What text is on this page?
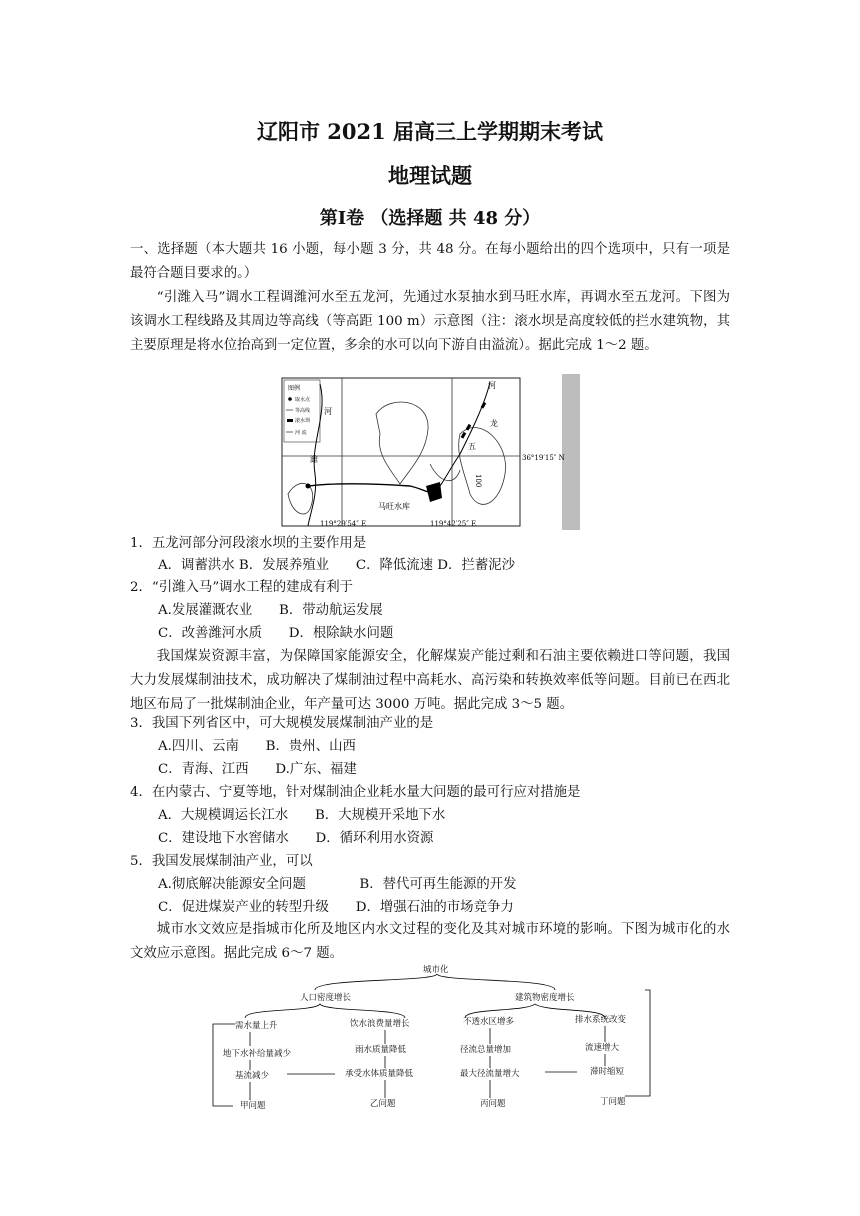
辽阳市 2021 届高三上学期期末考试
地理试题
第Ⅰ卷 （选择题 共 48 分）
一、选择题（本大题共 16 小题，每小题 3 分，共 48 分。在每小题给出的四个选项中，只有一项是最符合题目要求的。）
“引潍入马”调水工程调潍河水至五龙河，先通过水泵抽水到马旺水库，再调水至五龙河。下图为该调水工程线路及其周边等高线（等高距 100 m）示意图（注：滚水坝是高度较低的拦水建筑物，其主要原理是将水位抬高到一定位置，多余的水可以向下游自由溢流）。据此完成 1～2 题。
图例
取水点
等高线
滚水坝
河 流
河
潍
河
龙
五
100
马旺水库
36°19′15″ N
119°29′54″ E	119°42′25″ E
1．五龙河部分河段滚水坝的主要作用是
A．调蓄洪水 B．发展养殖业　　C．降低流速 D．拦蓄泥沙
2．“引潍入马”调水工程的建成有利于
A.发展灌溉农业　　B．带动航运发展
C．改善潍河水质　　D．根除缺水问题
我国煤炭资源丰富，为保障国家能源安全，化解煤炭产能过剩和石油主要依赖进口等问题，我国大力发展煤制油技术，成功解决了煤制油过程中高耗水、高污染和转换效率低等问题。目前已在西北地区布局了一批煤制油企业，年产量可达 3000 万吨。据此完成 3～5 题。
3．我国下列省区中，可大规模发展煤制油产业的是
A.四川、云南　　B．贵州、山西
C．青海、江西　　D.广东、福建
4．在内蒙古、宁夏等地，针对煤制油企业耗水量大问题的最可行应对措施是
A．大规模调运长江水　　B．大规模开采地下水
C．建设地下水窖储水　　D．循环利用水资源
5．我国发展煤制油产业，可以
A.彻底解决能源安全问题　　　　B．替代可再生能源的开发
C．促进煤炭产业的转型升级　　D．增强石油的市场竞争力
城市水文效应是指城市化所及地区内水文过程的变化及其对城市环境的影响。下图为城市化的水文效应示意图。据此完成 6～7 题。
城市化
人口密度增长	建筑物密度增长
需水量上升	饮水浪费量增长	不透水区增多	排水系统改变
地下水补给量减少	雨水质量降低	径流总量增加	流速增大
基流减少	承受水体质量降低	最大径流量增大	滞时缩短
甲问题	乙问题	丙问题	丁问题
